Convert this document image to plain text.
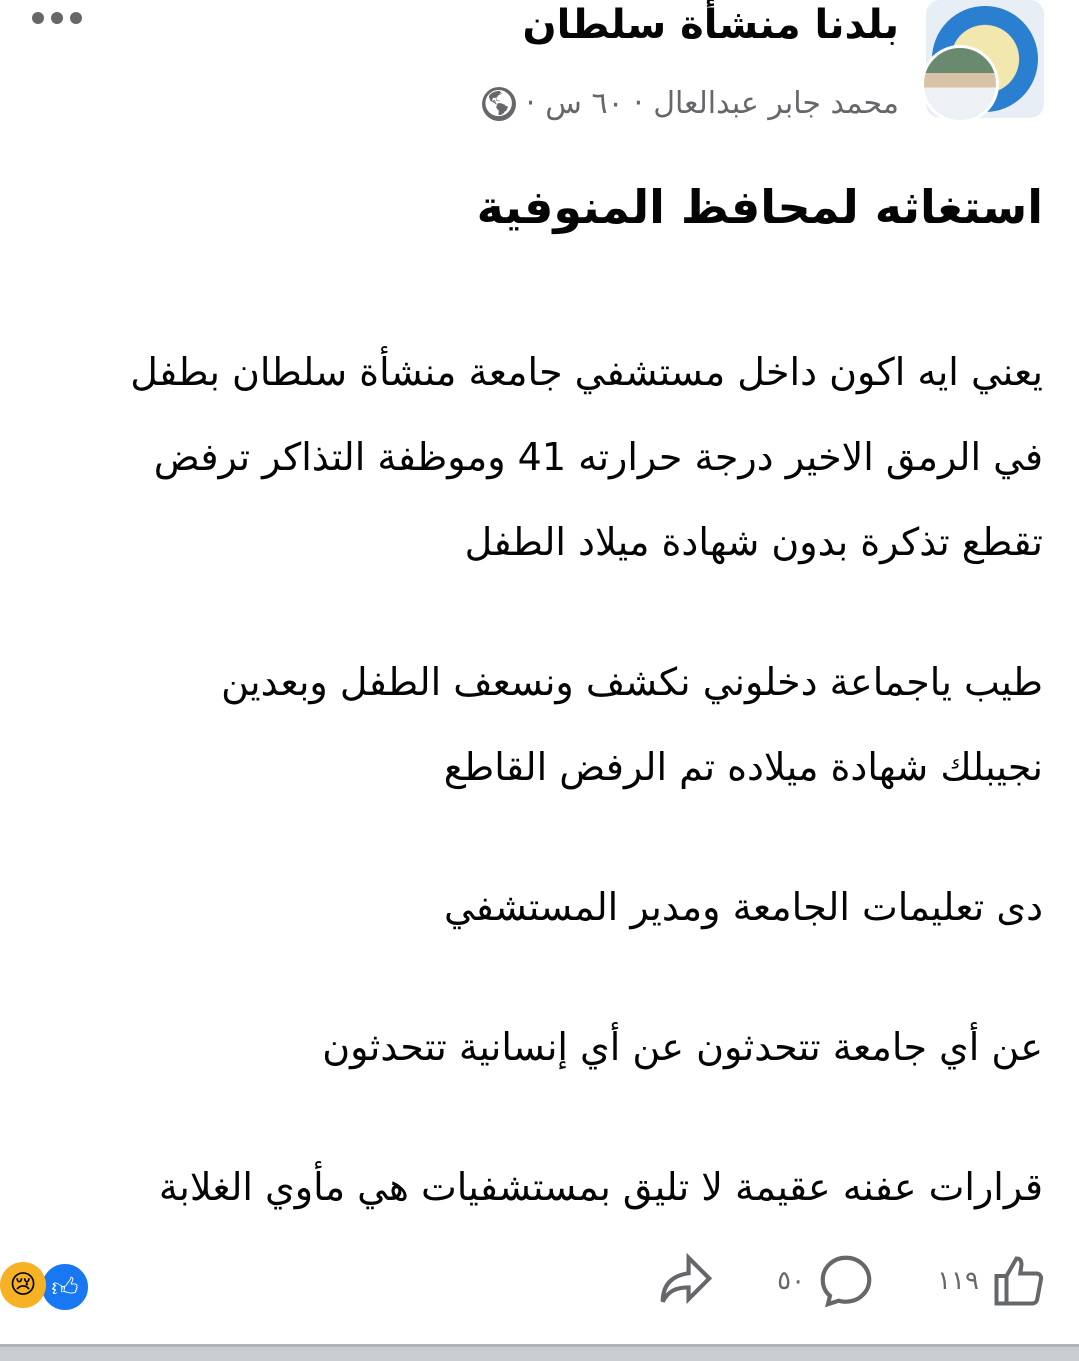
بلدنا منشأة سلطان
محمد جابر عبدالعال
·
٦٠ س
·
🌎︎
استغاثه لمحافظ المنوفية
يعني ايه اكون داخل مستشفي جامعة منشأة سلطان بطفل
في الرمق الاخير درجة حرارته 41 وموظفة التذاكر ترفض
تقطع تذكرة بدون شهادة ميلاد الطفل
طيب ياجماعة دخلوني نكشف ونسعف الطفل وبعدين
نجيبلك شهادة ميلاده تم الرفض القاطع
دى تعليمات الجامعة ومدير المستشفي
عن أي جامعة تتحدثون عن أي إنسانية تتحدثون
قرارات عفنه عقيمة لا تليق بمستشفيات هي مأوي الغلابة
١١٩
٥٠
😢 👍︎
